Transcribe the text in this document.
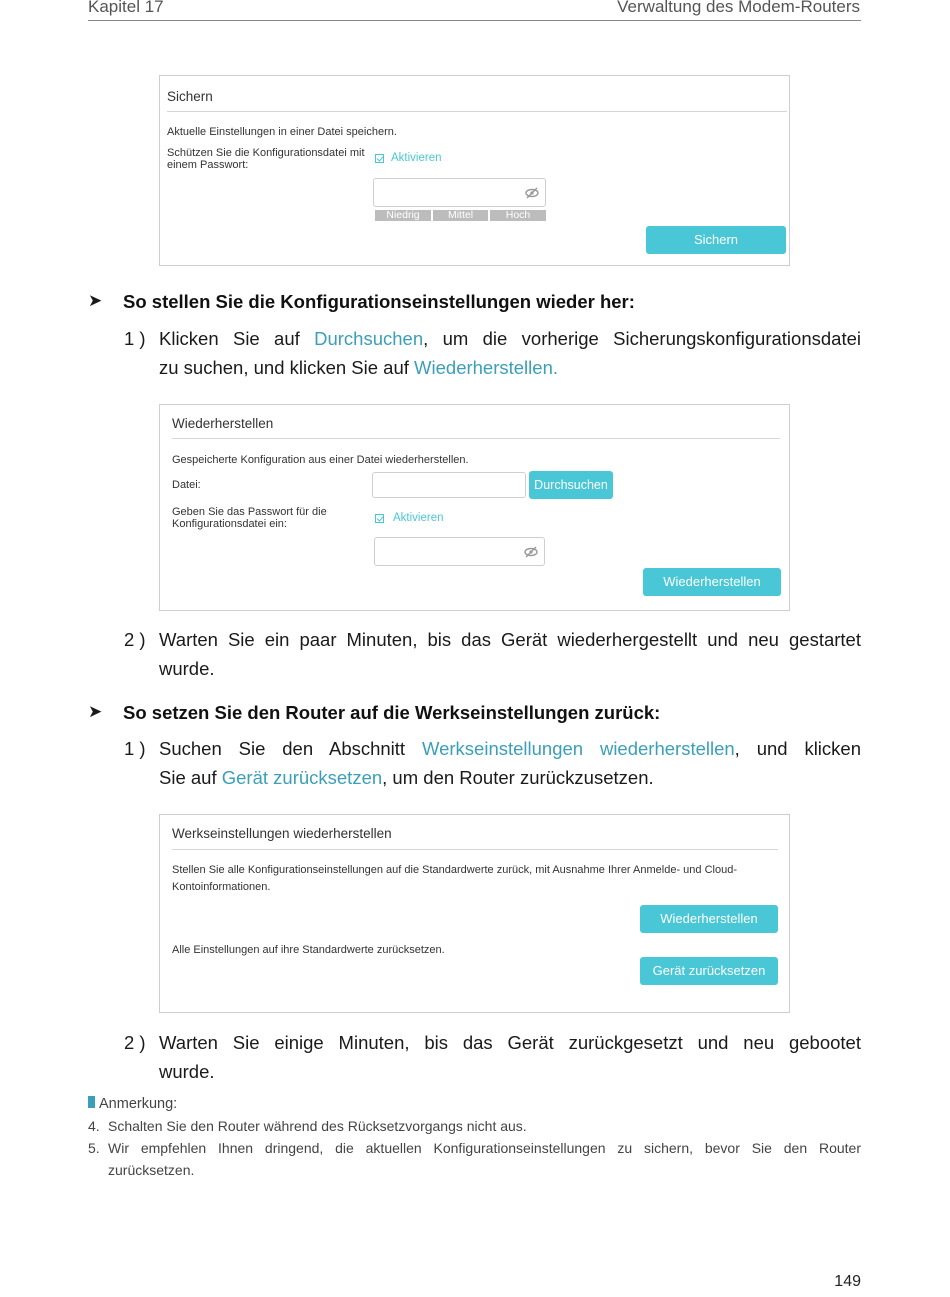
Kapitel 17	Verwaltung des Modem-Routers
Sichern
Aktuelle Einstellungen in einer Datei speichern.
Schützen Sie die Konfigurationsdatei mit
einem Passwort:
Aktivieren
Niedrig	Mittel	Hoch
Sichern
➤ So stellen Sie die Konfigurationseinstellungen wieder her:
1 ) Klicken Sie auf Durchsuchen, um die vorherige Sicherungskonfigurationsdatei
zu suchen, und klicken Sie auf Wiederherstellen.
Wiederherstellen
Gespeicherte Konfiguration aus einer Datei wiederherstellen.
Datei:	Durchsuchen
Geben Sie das Passwort für die
Konfigurationsdatei ein:	Aktivieren
Wiederherstellen
2 ) Warten Sie ein paar Minuten, bis das Gerät wiederhergestellt und neu gestartet
wurde.
➤ So setzen Sie den Router auf die Werkseinstellungen zurück:
1 ) Suchen Sie den Abschnitt Werkseinstellungen wiederherstellen, und klicken
Sie auf Gerät zurücksetzen, um den Router zurückzusetzen.
Werkseinstellungen wiederherstellen
Stellen Sie alle Konfigurationseinstellungen auf die Standardwerte zurück, mit Ausnahme Ihrer Anmelde- und Cloud-
Kontoinformationen.
Wiederherstellen
Alle Einstellungen auf ihre Standardwerte zurücksetzen.
Gerät zurücksetzen
2 ) Warten Sie einige Minuten, bis das Gerät zurückgesetzt und neu gebootet
wurde.
Anmerkung:
4. Schalten Sie den Router während des Rücksetzvorgangs nicht aus.
5. Wir empfehlen Ihnen dringend, die aktuellen Konfigurationseinstellungen zu sichern, bevor Sie den Router
zurücksetzen.
149
